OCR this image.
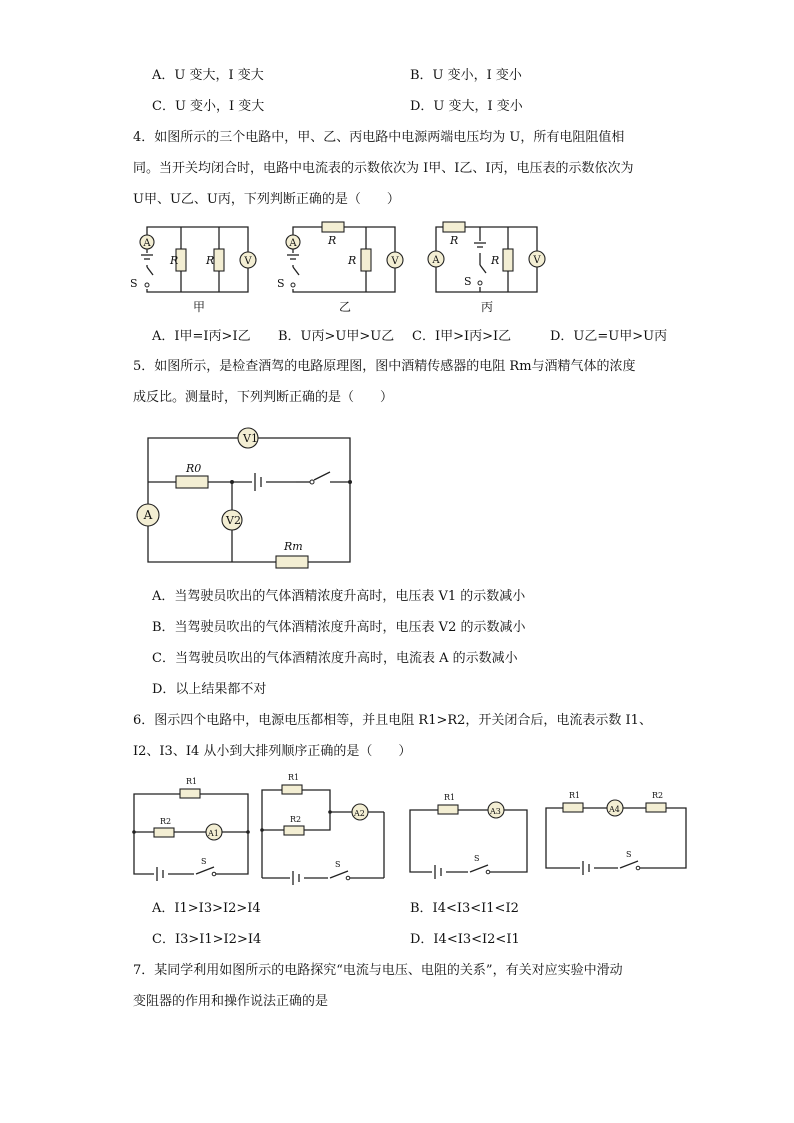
A．U 变大，I 变大	B．U 变小，I 变小
C．U 变小，I 变大	D．U 变大，I 变小
4．如图所示的三个电路中，甲、乙、丙电路中电源两端电压均为 U，所有电阻阻值相
同。当开关均闭合时，电路中电流表的示数依次为 I甲、I乙、I丙，电压表的示数依次为
U甲、U乙、U丙，下列判断正确的是（　　）
A
V
S
R	R
甲
A
V
S
R
R
乙
A	V
S
R
R
丙
A．I甲=I丙>I乙 B．U丙>U甲>U乙 C．I甲>I丙>I乙	D．U乙=U甲>U丙
5．如图所示，是检查酒驾的电路原理图，图中酒精传感器的电阻 Rm与酒精气体的浓度
成反比。测量时，下列判断正确的是（　　）
V1
R0
A	V2
Rm
A．当驾驶员吹出的气体酒精浓度升高时，电压表 V1 的示数减小
B．当驾驶员吹出的气体酒精浓度升高时，电压表 V2 的示数减小
C．当驾驶员吹出的气体酒精浓度升高时，电流表 A 的示数减小
D．以上结果都不对
6．图示四个电路中，电源电压都相等，并且电阻 R1>R2，开关闭合后，电流表示数 I1、
I2、I3、I4 从小到大排列顺序正确的是（　　）
R1
R2
A1
S
R1
R2
A2
S
R1
A3
S
R1
A4
R2
S
A．I1>I3>I2>I4	B．I4<I3<I1<I2
C．I3>I1>I2>I4	D．I4<I3<I2<I1
7．某同学利用如图所示的电路探究“电流与电压、电阻的关系”，有关对应实验中滑动
变阻器的作用和操作说法正确的是
